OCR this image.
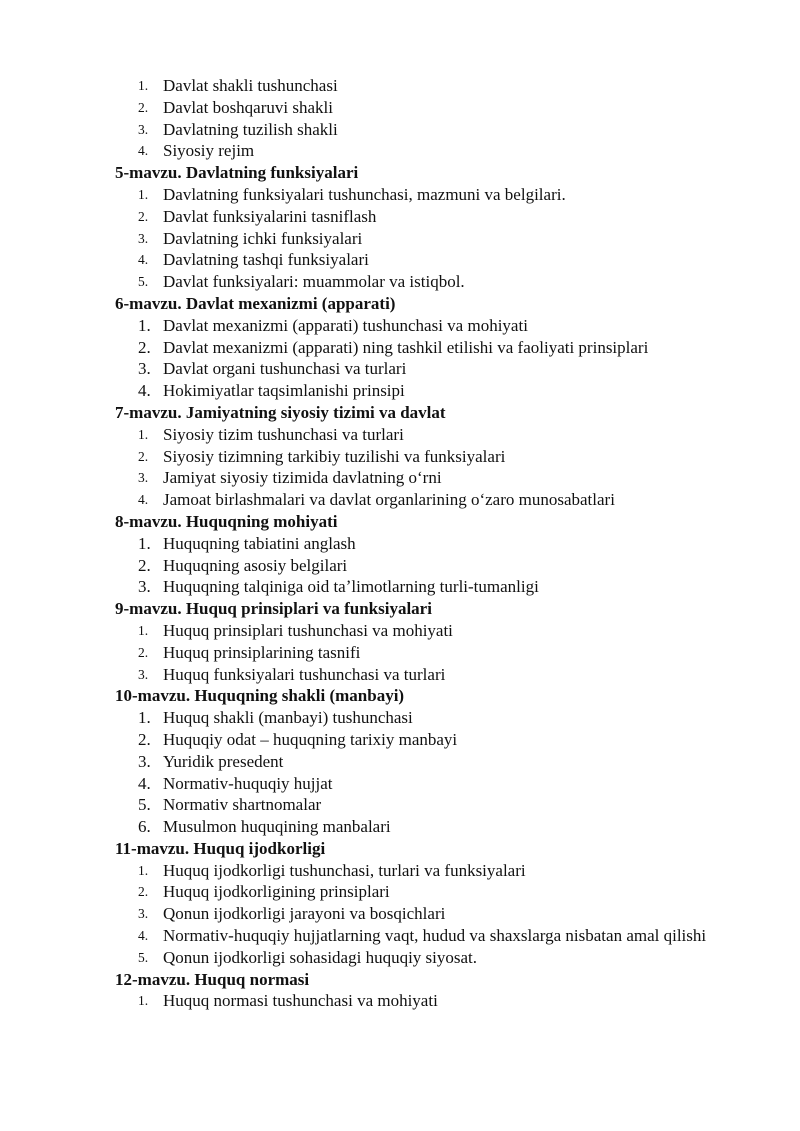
1. Davlat shakli tushunchasi
2. Davlat boshqaruvi shakli
3. Davlatning tuzilish shakli
4. Siyosiy rejim
5-mavzu. Davlatning funksiyalari
1. Davlatning funksiyalari tushunchasi, mazmuni va belgilari.
2. Davlat funksiyalarini tasniflash
3. Davlatning ichki funksiyalari
4. Davlatning tashqi funksiyalari
5. Davlat funksiyalari: muammolar va istiqbol.
6-mavzu. Davlat mexanizmi (apparati)
1. Davlat mexanizmi (apparati) tushunchasi va mohiyati
2. Davlat mexanizmi (apparati) ning tashkil etilishi va faoliyati prinsiplari
3. Davlat organi tushunchasi va turlari
4. Hokimiyatlar taqsimlanishi prinsipi
7-mavzu. Jamiyatning siyosiy tizimi va davlat
1. Siyosiy tizim tushunchasi va turlari
2. Siyosiy tizimning tarkibiy tuzilishi va funksiyalari
3. Jamiyat siyosiy tizimida davlatning oʻrni
4. Jamoat birlashmalari va davlat organlarining oʻzaro munosabatlari
8-mavzu. Huquqning mohiyati
1. Huquqning tabiatini anglash
2. Huquqning asosiy belgilari
3. Huquqning talqiniga oid taʼlimotlarning turli-tumanligi
9-mavzu. Huquq prinsiplari va funksiyalari
1. Huquq prinsiplari tushunchasi va mohiyati
2. Huquq prinsiplarining tasnifi
3. Huquq funksiyalari tushunchasi va turlari
10-mavzu. Huquqning shakli (manbayi)
1. Huquq shakli (manbayi) tushunchasi
2. Huquqiy odat – huquqning tarixiy manbayi
3. Yuridik presedent
4. Normativ-huquqiy hujjat
5. Normativ shartnomalar
6. Musulmon huquqining manbalari
11-mavzu. Huquq ijodkorligi
1. Huquq ijodkorligi tushunchasi, turlari va funksiyalari
2. Huquq ijodkorligining prinsiplari
3. Qonun ijodkorligi jarayoni va bosqichlari
4. Normativ-huquqiy hujjatlarning vaqt, hudud va shaxslarga nisbatan amal qilishi
5. Qonun ijodkorligi sohasidagi huquqiy siyosat.
12-mavzu. Huquq normasi
1. Huquq normasi tushunchasi va mohiyati
